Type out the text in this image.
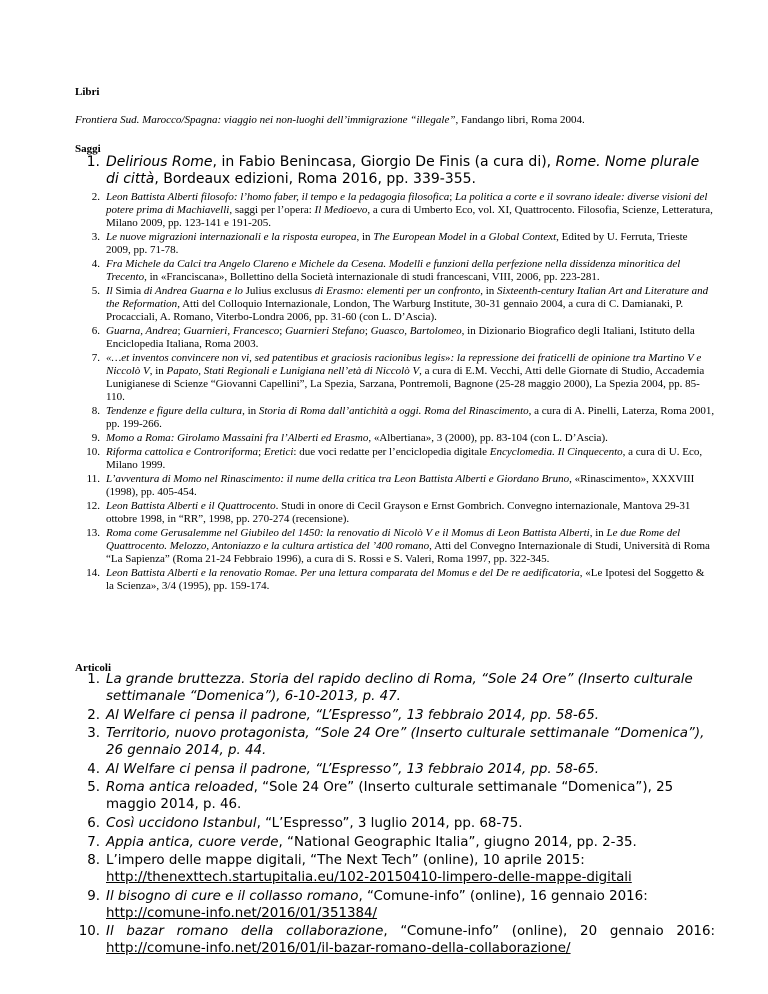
Libri
Frontiera Sud. Marocco/Spagna: viaggio nei non-luoghi dell’immigrazione “illegale”, Fandango libri, Roma 2004.
Saggi
1. Delirious Rome, in Fabio Benincasa, Giorgio De Finis (a cura di), Rome. Nome plurale di città, Bordeaux edizioni, Roma 2016, pp. 339-355.
2. Leon Battista Alberti filosofo: l’homo faber, il tempo e la pedagogia filosofica; La politica a corte e il sovrano ideale: diverse visioni del potere prima di Machiavelli, saggi per l’opera: Il Medioevo, a cura di Umberto Eco, vol. XI, Quattrocento. Filosofia, Scienze, Letteratura, Milano 2009, pp. 123-141 e 191-205.
3. Le nuove migrazioni internazionali e la risposta europea, in The European Model in a Global Context, Edited by U. Ferruta, Trieste 2009, pp. 71-78.
4. Fra Michele da Calci tra Angelo Clareno e Michele da Cesena. Modelli e funzioni della perfezione nella dissidenza minoritica del Trecento, in «Franciscana», Bollettino della Società internazionale di studi francescani, VIII, 2006, pp. 223-281.
5. Il Simia di Andrea Guarna e lo Julius exclusus di Erasmo: elementi per un confronto, in Sixteenth-century Italian Art and Literature and the Reformation, Atti del Colloquio Internazionale, London, The Warburg Institute, 30-31 gennaio 2004, a cura di C. Damianaki, P. Procacciali, A. Romano, Viterbo-Londra 2006, pp. 31-60 (con L. D’Ascia).
6. Guarna, Andrea; Guarnieri, Francesco; Guarnieri Stefano; Guasco, Bartolomeo, in Dizionario Biografico degli Italiani, Istituto della Enciclopedia Italiana, Roma 2003.
7. «…et inventos convincere non vi, sed patentibus et graciosis racionibus legis»: la repressione dei fraticelli de opinione tra Martino V e Niccolò V, in Papato, Stati Regionali e Lunigiana nell’età di Niccolò V, a cura di E.M. Vecchi, Atti delle Giornate di Studio, Accademia Lunigianese di Scienze “Giovanni Capellini”, La Spezia, Sarzana, Pontremoli, Bagnone (25-28 maggio 2000), La Spezia 2004, pp. 85-110.
8. Tendenze e figure della cultura, in Storia di Roma dall’antichità a oggi. Roma del Rinascimento, a cura di A. Pinelli, Laterza, Roma 2001, pp. 199-266.
9. Momo a Roma: Girolamo Massaini fra l’Alberti ed Erasmo, «Albertiana», 3 (2000), pp. 83-104 (con L. D’Ascia).
10. Riforma cattolica e Controriforma; Eretici: due voci redatte per l’enciclopedia digitale Encyclomedia. Il Cinquecento, a cura di U. Eco, Milano 1999.
11. L’avventura di Momo nel Rinascimento: il nume della critica tra Leon Battista Alberti e Giordano Bruno, «Rinascimento», XXXVIII (1998), pp. 405-454.
12. Leon Battista Alberti e il Quattrocento. Studi in onore di Cecil Grayson e Ernst Gombrich. Convegno internazionale, Mantova 29-31 ottobre 1998, in “RR”, 1998, pp. 270-274 (recensione).
13. Roma come Gerusalemme nel Giubileo del 1450: la renovatio di Nicolò V e il Momus di Leon Battista Alberti, in Le due Rome del Quattrocento. Melozzo, Antoniazzo e la cultura artistica del ’400 romano, Atti del Convegno Internazionale di Studi, Università di Roma “La Sapienza” (Roma 21-24 Febbraio 1996), a cura di S. Rossi e S. Valeri, Roma 1997, pp. 322-345.
14. Leon Battista Alberti e la renovatio Romae. Per una lettura comparata del Momus e del De re aedificatoria, «Le Ipotesi del Soggetto & la Scienza», 3/4 (1995), pp. 159-174.
Articoli
1. La grande bruttezza. Storia del rapido declino di Roma, “Sole 24 Ore” (Inserto culturale settimanale “Domenica”), 6-10-2013, p. 47.
2. Al Welfare ci pensa il padrone, “L’Espresso”, 13 febbraio 2014, pp. 58-65.
3. Territorio, nuovo protagonista, “Sole 24 Ore” (Inserto culturale settimanale “Domenica”), 26 gennaio 2014, p. 44.
4. Al Welfare ci pensa il padrone, “L’Espresso”, 13 febbraio 2014, pp. 58-65.
5. Roma antica reloaded, “Sole 24 Ore” (Inserto culturale settimanale “Domenica”), 25 maggio 2014, p. 46.
6. Così uccidono Istanbul, “L’Espresso”, 3 luglio 2014, pp. 68-75.
7. Appia antica, cuore verde, “National Geographic Italia”, giugno 2014, pp. 2-35.
8. L’impero delle mappe digitali, “The Next Tech” (online), 10 aprile 2015:
http://thenexttech.startupitalia.eu/102-20150410-limpero-delle-mappe-digitali
9. Il bisogno di cure e il collasso romano, “Comune-info” (online), 16 gennaio 2016:
http://comune-info.net/2016/01/351384/
10. Il bazar romano della collaborazione, “Comune-info” (online), 20 gennaio 2016:
http://comune-info.net/2016/01/il-bazar-romano-della-collaborazione/
